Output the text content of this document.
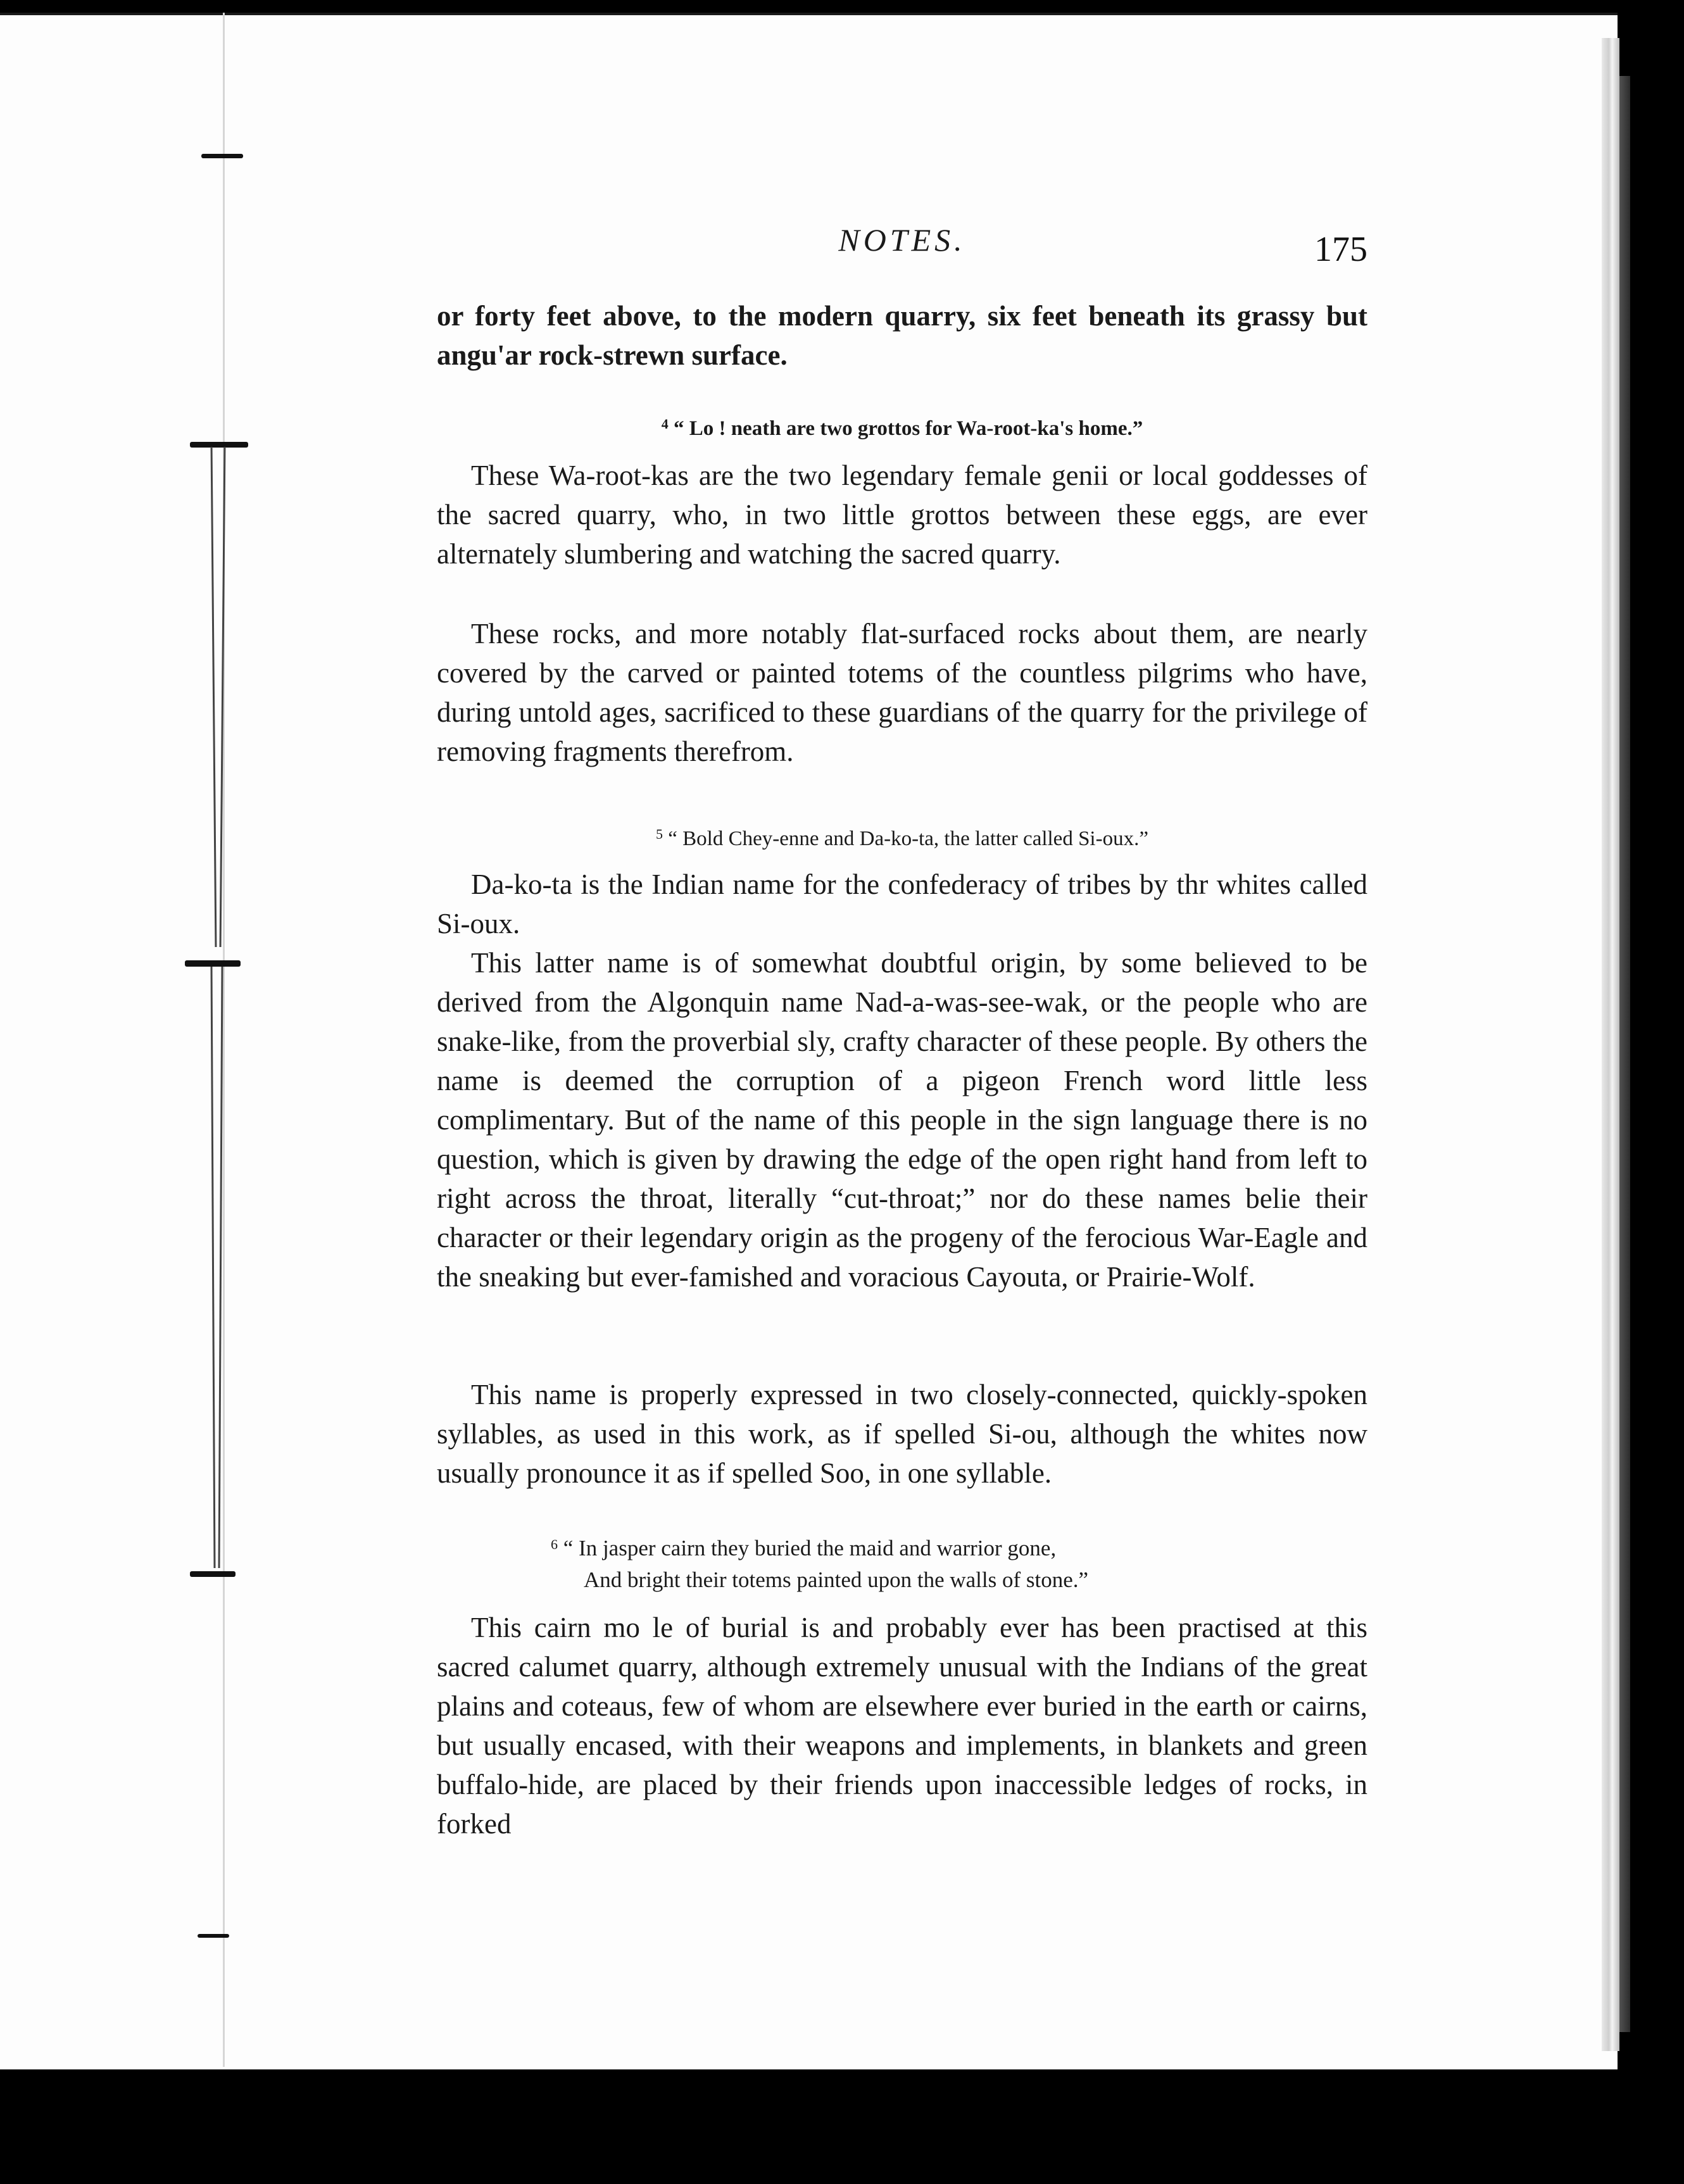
NOTES.	175

or forty feet above, to the modern quarry, six feet beneath its grassy but angu'ar rock-strewn surface.

$^4$ “ Lo ! neath are two grottos for Wa-root-ka's home.”

These Wa-root-kas are the two legendary female genii or local goddesses of the sacred quarry, who, in two little grottos between these eggs, are ever alternately slumbering and watching the sacred quarry.

These rocks, and more notably flat-surfaced rocks about them, are nearly covered by the carved or painted totems of the countless pilgrims who have, during untold ages, sacrificed to these guardians of the quarry for the privilege of removing fragments therefrom.

$^5$ “ Bold Chey-enne and Da-ko-ta, the latter called Si-oux.”

Da-ko-ta is the Indian name for the confederacy of tribes by thr whites called Si-oux.

This latter name is of somewhat doubtful origin, by some believed to be derived from the Algonquin name Nad-a-was-see-wak, or the people who are snake-like, from the proverbial sly, crafty character of these people. By others the name is deemed the corruption of a pigeon French word little less complimentary. But of the name of this people in the sign language there is no question, which is given by drawing the edge of the open right hand from left to right across the throat, literally “cut-throat;” nor do these names belie their character or their legendary origin as the progeny of the ferocious War-Eagle and the sneaking but ever-famished and voracious Cayouta, or Prairie-Wolf.

This name is properly expressed in two closely-connected, quickly-spoken syllables, as used in this work, as if spelled Si-ou, although the whites now usually pronounce it as if spelled Soo, in one syllable.

$^6$ “ In jasper cairn they buried the maid and warrior gone,

And bright their totems painted upon the walls of stone.”

This cairn mo le of burial is and probably ever has been practised at this sacred calumet quarry, although extremely unusual with the Indians of the great plains and coteaus, few of whom are elsewhere ever buried in the earth or cairns, but usually encased, with their weapons and implements, in blankets and green buffalo-hide, are placed by their friends upon inaccessible ledges of rocks, in forked
